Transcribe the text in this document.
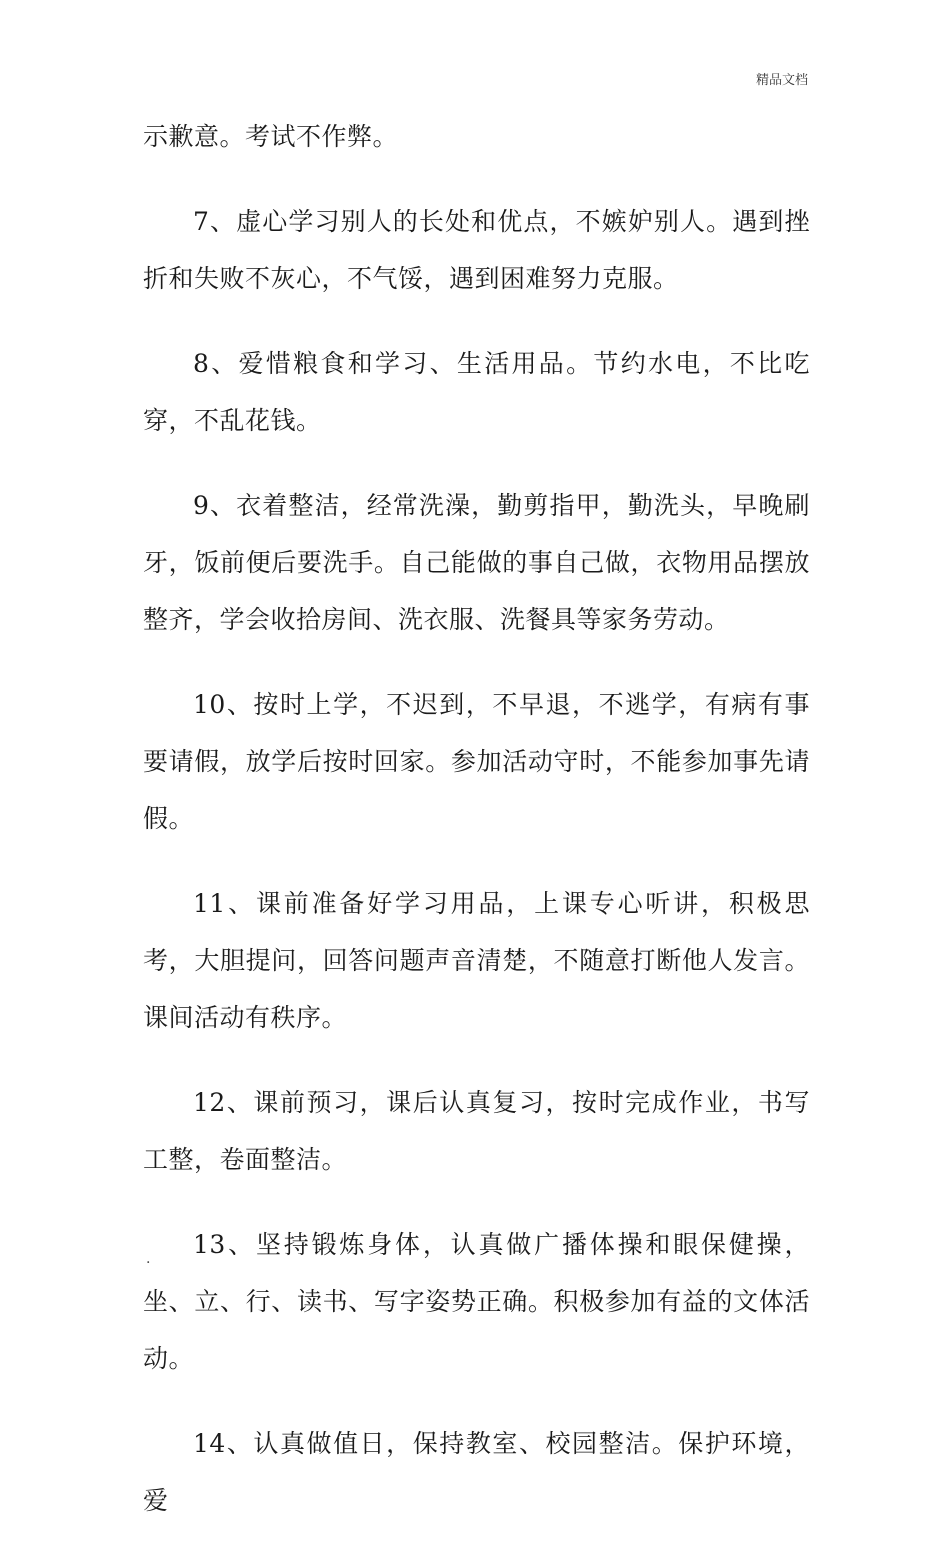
精品文档

示歉意。考试不作弊。

7、虚心学习别人的长处和优点，不嫉妒别人。遇到挫折和失败不灰心，不气馁，遇到困难努力克服。

8、爱惜粮食和学习、生活用品。节约水电，不比吃穿，不乱花钱。

9、衣着整洁，经常洗澡，勤剪指甲，勤洗头，早晚刷牙，饭前便后要洗手。自己能做的事自己做，衣物用品摆放整齐，学会收拾房间、洗衣服、洗餐具等家务劳动。

10、按时上学，不迟到，不早退，不逃学，有病有事要请假，放学后按时回家。参加活动守时，不能参加事先请假。

11、课前准备好学习用品，上课专心听讲，积极思考，大胆提问，回答问题声音清楚，不随意打断他人发言。课间活动有秩序。

12、课前预习，课后认真复习，按时完成作业，书写工整，卷面整洁。

13、坚持锻炼身体，认真做广播体操和眼保健操，坐、立、行、读书、写字姿势正确。积极参加有益的文体活动。

14、认真做值日，保持教室、校园整洁。保护环境，爱

.
